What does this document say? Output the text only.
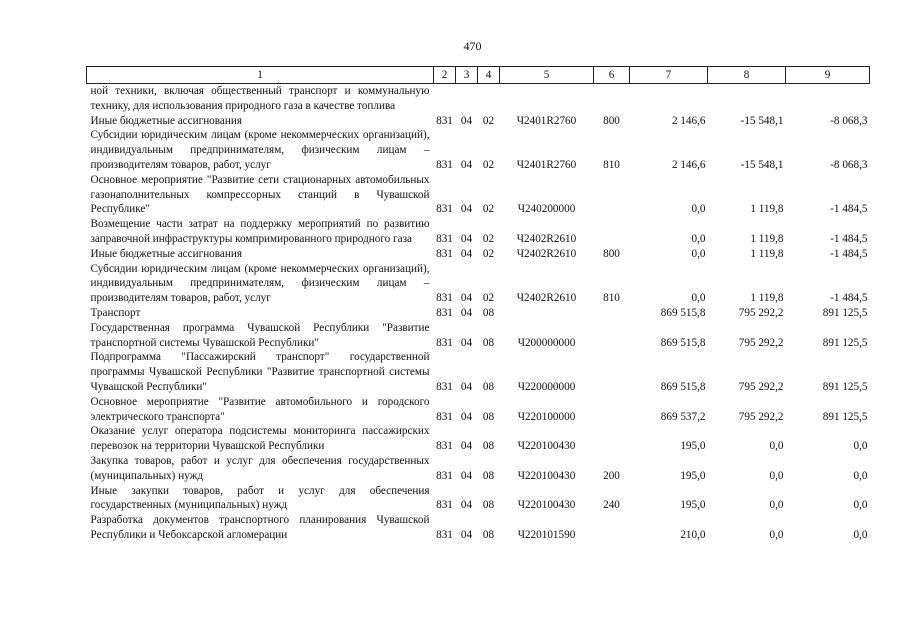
470
1	2	3	4	5	6	7	8	9
ной техники, включая общественный транспорт и коммунальную технику, для использования природного газа в качестве топлива								
Иные бюджетные ассигнования	831	04	02	Ч2401R2760	800	2 146,6	-15 548,1	-8 068,3
Субсидии юридическим лицам (кроме некоммерческих организаций), индивидуальным предпринимателям, физическим лицам – производителям товаров, работ, услуг	831	04	02	Ч2401R2760	810	2 146,6	-15 548,1	-8 068,3
Основное мероприятие "Развитие сети стационарных автомобильных газонаполнительных компрессорных станций в Чувашской Республике"	831	04	02	Ч240200000		0,0	1 119,8	-1 484,5
Возмещение части затрат на поддержку мероприятий по развитию заправочной инфраструктуры компримированного природного газа	831	04	02	Ч2402R2610		0,0	1 119,8	-1 484,5
Иные бюджетные ассигнования	831	04	02	Ч2402R2610	800	0,0	1 119,8	-1 484,5
Субсидии юридическим лицам (кроме некоммерческих организаций), индивидуальным предпринимателям, физическим лицам – производителям товаров, работ, услуг	831	04	02	Ч2402R2610	810	0,0	1 119,8	-1 484,5
Транспорт	831	04	08			869 515,8	795 292,2	891 125,5
Государственная программа Чувашской Республики "Развитие транспортной системы Чувашской Республики"	831	04	08	Ч200000000		869 515,8	795 292,2	891 125,5
Подпрограмма "Пассажирский транспорт" государственной программы Чувашской Республики "Развитие транспортной системы Чувашской Республики"	831	04	08	Ч220000000		869 515,8	795 292,2	891 125,5
Основное мероприятие "Развитие автомобильного и городского электрического транспорта"	831	04	08	Ч220100000		869 537,2	795 292,2	891 125,5
Оказание услуг оператора подсистемы мониторинга пассажирских перевозок на территории Чувашской Республики	831	04	08	Ч220100430		195,0	0,0	0,0
Закупка товаров, работ и услуг для обеспечения государственных (муниципальных) нужд	831	04	08	Ч220100430	200	195,0	0,0	0,0
Иные закупки товаров, работ и услуг для обеспечения государственных (муниципальных) нужд	831	04	08	Ч220100430	240	195,0	0,0	0,0
Разработка документов транспортного планирования Чувашской Республики и Чебоксарской агломерации	831	04	08	Ч220101590		210,0	0,0	0,0
